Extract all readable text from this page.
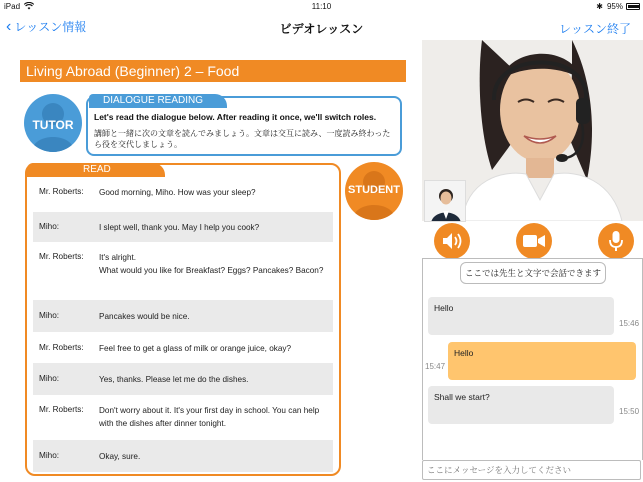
iPad	11:10	✱ 95%
‹ レッスン情報	ビデオレッスン	レッスン終了
Living Abroad (Beginner) 2 – Food
TUTOR
DIALOGUE READING
Let's read the dialogue below. After reading it once, we'll switch roles.
講師と一緒に次の文章を読んでみましょう。文章は交互に読み、一度読み終わったら役を交代しましょう。
READ
Mr. Roberts: Good morning, Miho. How was your sleep?
Miho:	I slept well, thank you. May I help you cook?
Mr. Roberts: It's alright.
What would you like for Breakfast? Eggs? Pancakes? Bacon?
Miho:	Pancakes would be nice.
Mr. Roberts: Feel free to get a glass of milk or orange juice, okay?
Miho:	Yes, thanks. Please let me do the dishes.
Mr. Roberts: Don't worry about it. It's your first day in school. You can help with the dishes after dinner tonight.
Miho:	Okay, sure.
STUDENT
ここでは先生と文字で会話できます
Hello
15:46
Hello
15:47
Shall we start?
15:50
ここにメッセージを入力してください
